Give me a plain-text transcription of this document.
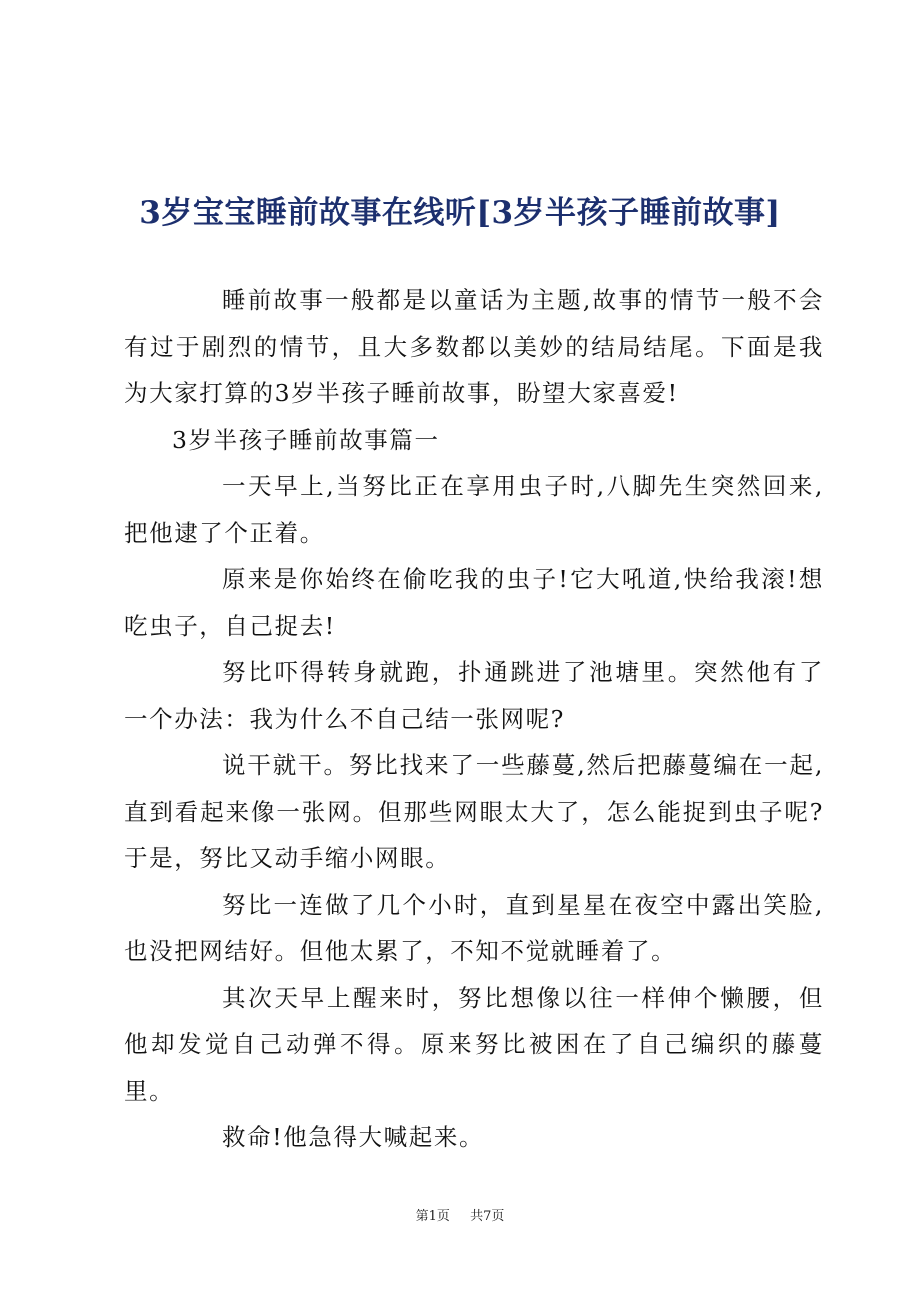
3岁宝宝睡前故事在线听[3岁半孩子睡前故事]

睡前故事一般都是以童话为主题,故事的情节一般不会有过于剧烈的情节，且大多数都以美妙的结局结尾。下面是我为大家打算的3岁半孩子睡前故事，盼望大家喜爱!

3岁半孩子睡前故事篇一

一天早上,当努比正在享用虫子时,八脚先生突然回来,把他逮了个正着。

原来是你始终在偷吃我的虫子!它大吼道,快给我滚!想吃虫子，自己捉去!

努比吓得转身就跑，扑通跳进了池塘里。突然他有了一个办法：我为什么不自己结一张网呢?

说干就干。努比找来了一些藤蔓,然后把藤蔓编在一起,直到看起来像一张网。但那些网眼太大了，怎么能捉到虫子呢?于是，努比又动手缩小网眼。

努比一连做了几个小时，直到星星在夜空中露出笑脸,也没把网结好。但他太累了，不知不觉就睡着了。

其次天早上醒来时，努比想像以往一样伸个懒腰，但他却发觉自己动弹不得。原来努比被困在了自己编织的藤蔓里。

救命!他急得大喊起来。

第1页 共7页
